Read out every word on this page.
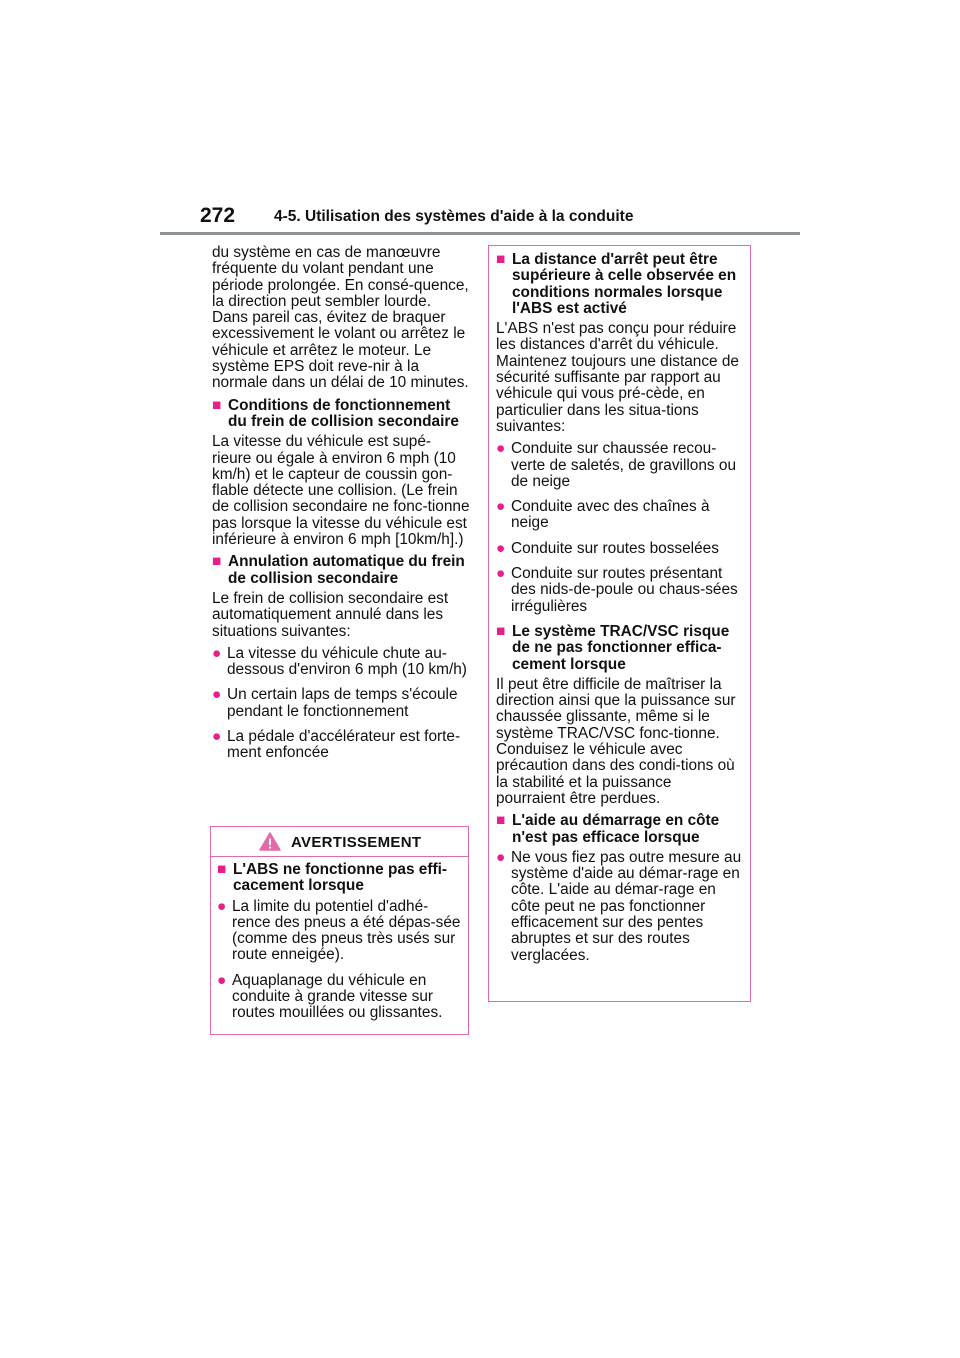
272	4-5. Utilisation des systèmes d'aide à la conduite

du système en cas de manœuvre fréquente du volant pendant une période prolongée. En consé-quence, la direction peut sembler lourde. Dans pareil cas, évitez de braquer excessivement le volant ou arrêtez le véhicule et arrêtez le moteur. Le système EPS doit reve-nir à la normale dans un délai de 10 minutes.

■ Conditions de fonctionnement du frein de collision secondaire

La vitesse du véhicule est supé-rieure ou égale à environ 6 mph (10 km/h) et le capteur de coussin gon-flable détecte une collision. (Le frein de collision secondaire ne fonc-tionne pas lorsque la vitesse du véhicule est inférieure à environ 6 mph [10km/h].)

■ Annulation automatique du frein de collision secondaire

Le frein de collision secondaire est automatiquement annulé dans les situations suivantes:

● La vitesse du véhicule chute au-dessous d'environ 6 mph (10 km/h)
● Un certain laps de temps s'écoule pendant le fonctionnement
● La pédale d'accélérateur est forte-ment enfoncée
AVERTISSEMENT
■ L'ABS ne fonctionne pas effi-cacement lorsque
● La limite du potentiel d'adhé-rence des pneus a été dépas-sée (comme des pneus très usés sur route enneigée).
● Aquaplanage du véhicule en conduite à grande vitesse sur routes mouillées ou glissantes.
■ La distance d'arrêt peut être supérieure à celle observée en conditions normales lorsque l'ABS est activé

L'ABS n'est pas conçu pour réduire les distances d'arrêt du véhicule. Maintenez toujours une distance de sécurité suffisante par rapport au véhicule qui vous pré-cède, en particulier dans les situa-tions suivantes:

● Conduite sur chaussée recou-verte de saletés, de gravillons ou de neige
● Conduite avec des chaînes à neige
● Conduite sur routes bosselées
● Conduite sur routes présentant des nids-de-poule ou chaus-sées irrégulières
■ Le système TRAC/VSC risque de ne pas fonctionner effica-cement lorsque

Il peut être difficile de maîtriser la direction ainsi que la puissance sur chaussée glissante, même si le système TRAC/VSC fonc-tionne. Conduisez le véhicule avec précaution dans des condi-tions où la stabilité et la puissance pourraient être perdues.

■ L'aide au démarrage en côte n'est pas efficace lorsque
● Ne vous fiez pas outre mesure au système d'aide au démar-rage en côte. L'aide au démar-rage en côte peut ne pas fonctionner efficacement sur des pentes abruptes et sur des routes verglacées.
